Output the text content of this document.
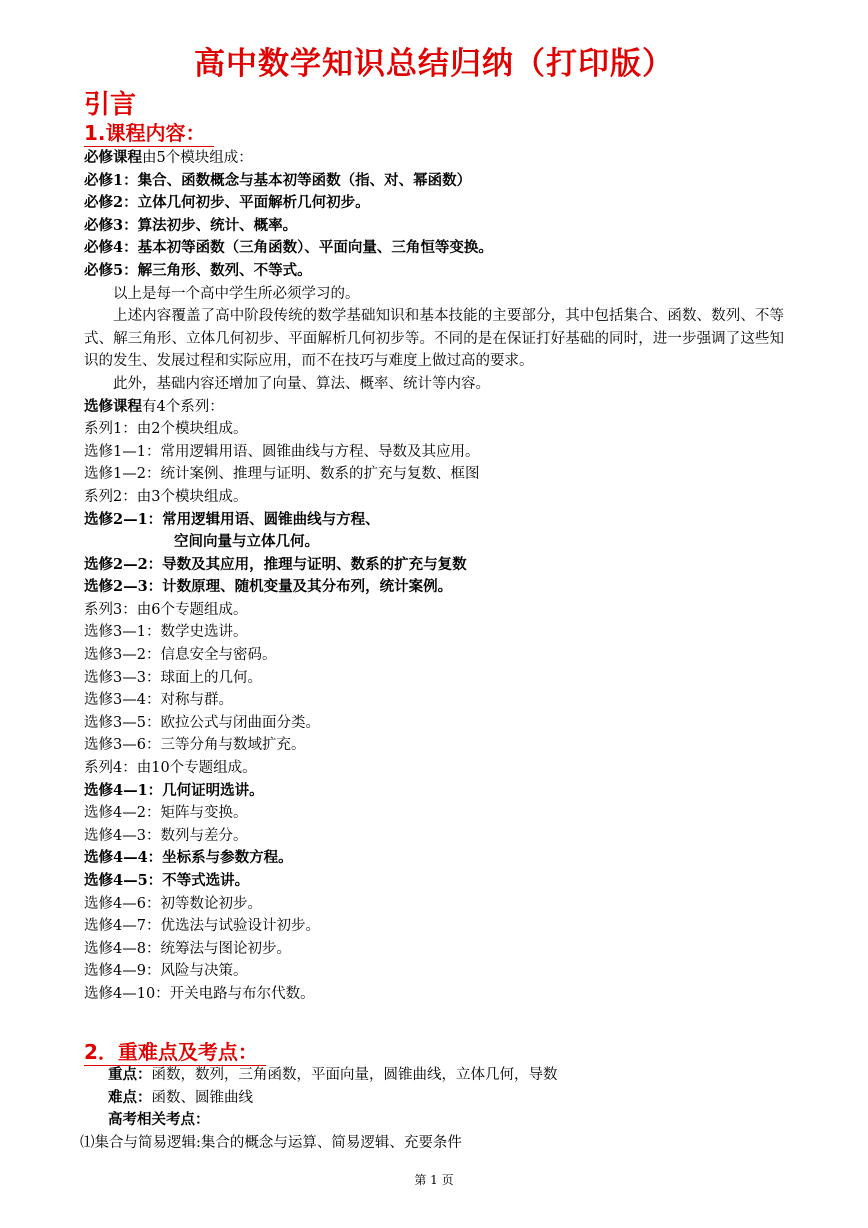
高中数学知识总结归纳（打印版）
引言
1.课程内容：
必修课程由5个模块组成：
必修1：集合、函数概念与基本初等函数（指、对、幂函数）
必修2：立体几何初步、平面解析几何初步。
必修3：算法初步、统计、概率。
必修4：基本初等函数（三角函数）、平面向量、三角恒等变换。
必修5：解三角形、数列、不等式。
以上是每一个高中学生所必须学习的。
上述内容覆盖了高中阶段传统的数学基础知识和基本技能的主要部分，其中包括集合、函数、数列、不等式、解三角形、立体几何初步、平面解析几何初步等。不同的是在保证打好基础的同时，进一步强调了这些知识的发生、发展过程和实际应用，而不在技巧与难度上做过高的要求。
此外，基础内容还增加了向量、算法、概率、统计等内容。
选修课程有4个系列：
系列1：由2个模块组成。
选修1—1：常用逻辑用语、圆锥曲线与方程、导数及其应用。
选修1—2：统计案例、推理与证明、数系的扩充与复数、框图
系列2：由3个模块组成。
选修2—1：常用逻辑用语、圆锥曲线与方程、
空间向量与立体几何。
选修2—2：导数及其应用，推理与证明、数系的扩充与复数
选修2—3：计数原理、随机变量及其分布列，统计案例。
系列3：由6个专题组成。
选修3—1：数学史选讲。
选修3—2：信息安全与密码。
选修3—3：球面上的几何。
选修3—4：对称与群。
选修3—5：欧拉公式与闭曲面分类。
选修3—6：三等分角与数域扩充。
系列4：由10个专题组成。
选修4—1：几何证明选讲。
选修4—2：矩阵与变换。
选修4—3：数列与差分。
选修4—4：坐标系与参数方程。
选修4—5：不等式选讲。
选修4—6：初等数论初步。
选修4—7：优选法与试验设计初步。
选修4—8：统筹法与图论初步。
选修4—9：风险与决策。
选修4—10：开关电路与布尔代数。
2．重难点及考点：
重点：函数，数列，三角函数，平面向量，圆锥曲线，立体几何，导数
难点：函数、圆锥曲线
高考相关考点：
⑴集合与简易逻辑:集合的概念与运算、简易逻辑、充要条件
第 1 页
